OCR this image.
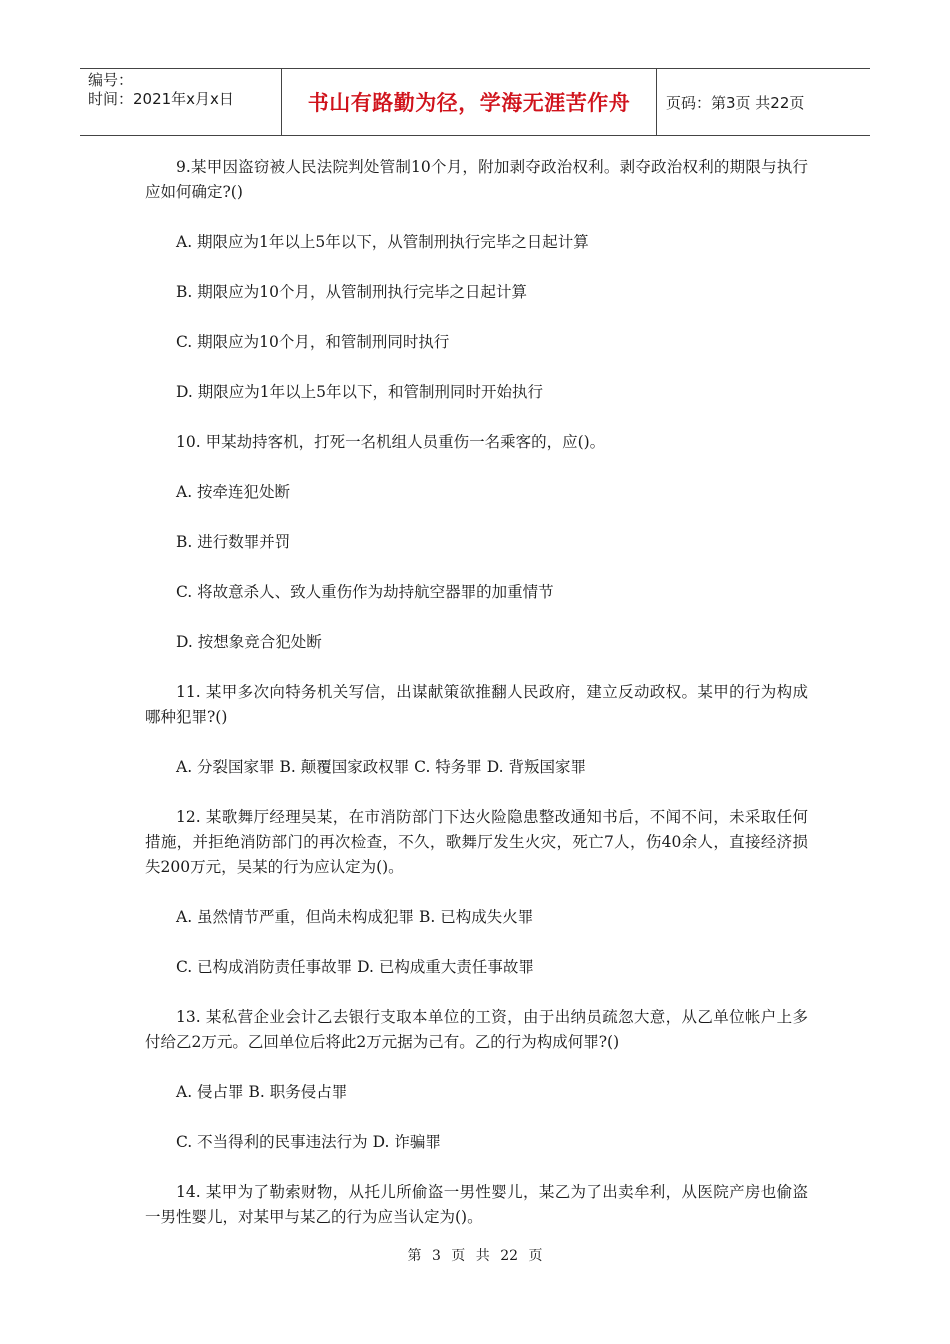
编号：
时间：2021年x月x日	书山有路勤为径，学海无涯苦作舟	页码：第3页 共22页

9.某甲因盗窃被人民法院判处管制10个月，附加剥夺政治权利。剥夺政治权利的期限与执行应如何确定?()

A. 期限应为1年以上5年以下，从管制刑执行完毕之日起计算

B. 期限应为10个月，从管制刑执行完毕之日起计算

C. 期限应为10个月，和管制刑同时执行

D. 期限应为1年以上5年以下，和管制刑同时开始执行

10. 甲某劫持客机，打死一名机组人员重伤一名乘客的，应()。

A. 按牵连犯处断

B. 进行数罪并罚

C. 将故意杀人、致人重伤作为劫持航空器罪的加重情节

D. 按想象竞合犯处断

11. 某甲多次向特务机关写信，出谋献策欲推翻人民政府，建立反动政权。某甲的行为构成哪种犯罪?()

A. 分裂国家罪 B. 颠覆国家政权罪 C. 特务罪 D. 背叛国家罪

12. 某歌舞厅经理吴某，在市消防部门下达火险隐患整改通知书后，不闻不问，未采取任何措施，并拒绝消防部门的再次检查，不久，歌舞厅发生火灾，死亡7人，伤40余人，直接经济损失200万元，吴某的行为应认定为()。

A. 虽然情节严重，但尚未构成犯罪 B. 已构成失火罪

C. 已构成消防责任事故罪 D. 已构成重大责任事故罪

13. 某私营企业会计乙去银行支取本单位的工资，由于出纳员疏忽大意，从乙单位帐户上多付给乙2万元。乙回单位后将此2万元据为己有。乙的行为构成何罪?()

A. 侵占罪 B. 职务侵占罪

C. 不当得利的民事违法行为 D. 诈骗罪

14. 某甲为了勒索财物，从托儿所偷盗一男性婴儿，某乙为了出卖牟利，从医院产房也偷盗一男性婴儿，对某甲与某乙的行为应当认定为()。

第 3 页 共 22 页
